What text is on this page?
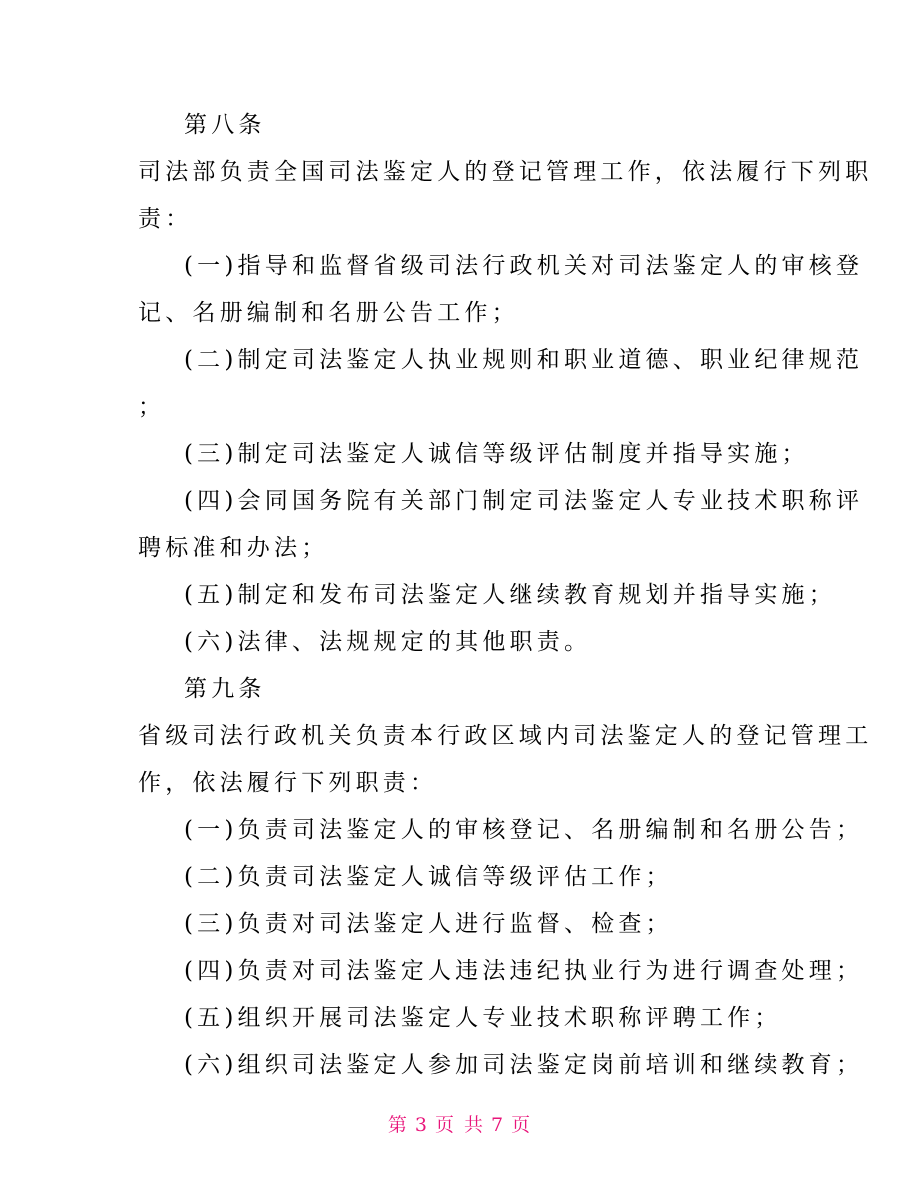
第八条
司法部负责全国司法鉴定人的登记管理工作，依法履行下列职
责：
(一)指导和监督省级司法行政机关对司法鉴定人的审核登
记、名册编制和名册公告工作；
(二)制定司法鉴定人执业规则和职业道德、职业纪律规范
；
(三)制定司法鉴定人诚信等级评估制度并指导实施；
(四)会同国务院有关部门制定司法鉴定人专业技术职称评
聘标准和办法；
(五)制定和发布司法鉴定人继续教育规划并指导实施；
(六)法律、法规规定的其他职责。
第九条
省级司法行政机关负责本行政区域内司法鉴定人的登记管理工
作，依法履行下列职责：
(一)负责司法鉴定人的审核登记、名册编制和名册公告；
(二)负责司法鉴定人诚信等级评估工作；
(三)负责对司法鉴定人进行监督、检查；
(四)负责对司法鉴定人违法违纪执业行为进行调查处理；
(五)组织开展司法鉴定人专业技术职称评聘工作；
(六)组织司法鉴定人参加司法鉴定岗前培训和继续教育；
第 3 页 共 7 页
